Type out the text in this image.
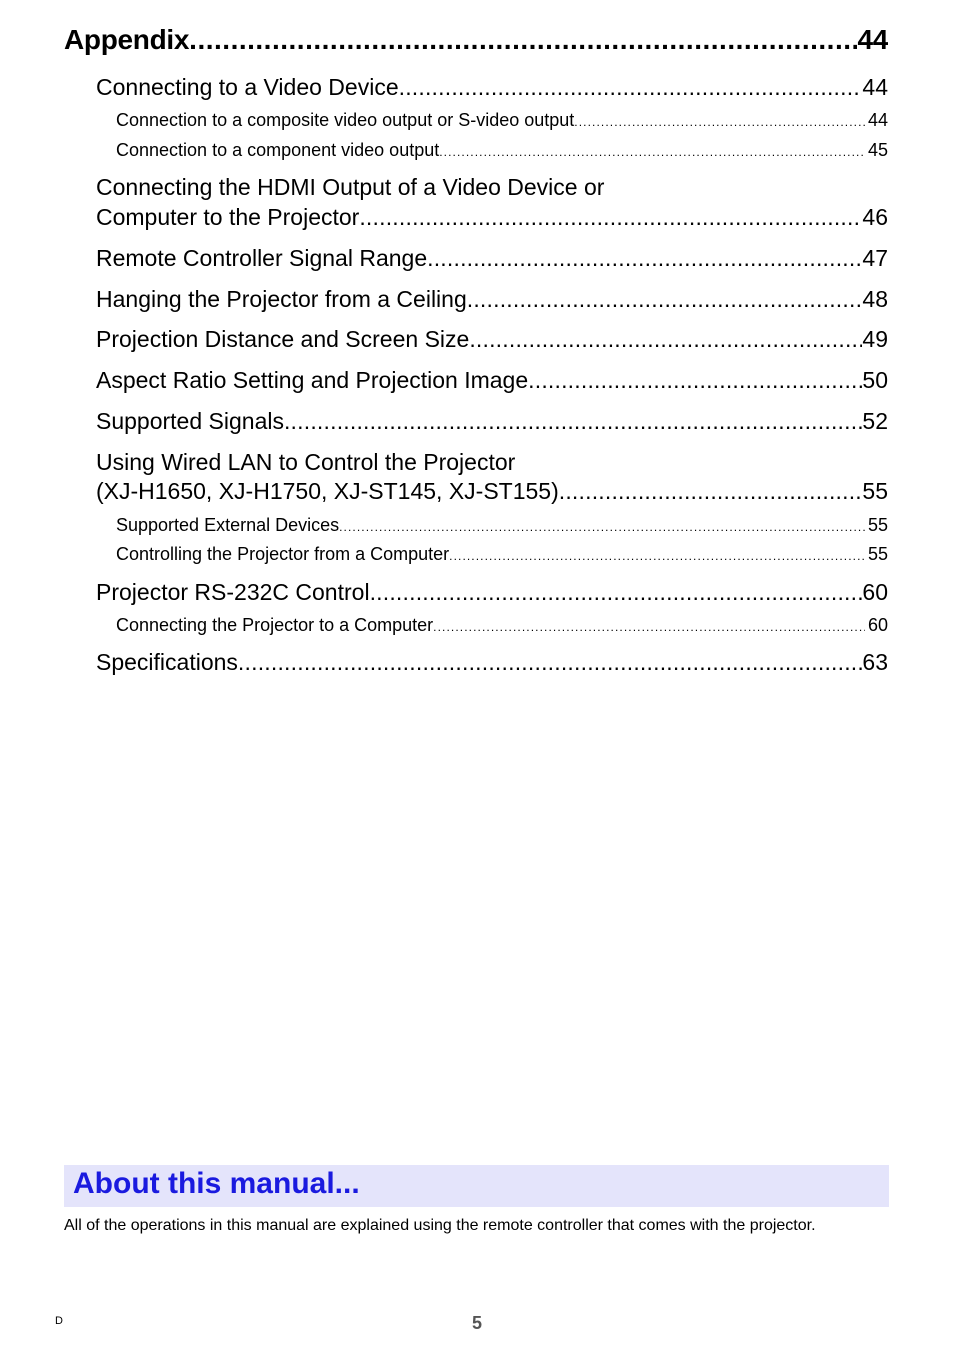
Appendix .....	44
Connecting to a Video Device .....	44
Connection to a composite video output or S-video output .....	44
Connection to a component video output .....	45
Connecting the HDMI Output of a Video Device or
Computer to the Projector .....	46
Remote Controller Signal Range .....	47
Hanging the Projector from a Ceiling .....	48
Projection Distance and Screen Size .....	49
Aspect Ratio Setting and Projection Image .....	50
Supported Signals .....	52
Using Wired LAN to Control the Projector
(XJ-H1650, XJ-H1750, XJ-ST145, XJ-ST155) .....	55
Supported External Devices .....	55
Controlling the Projector from a Computer .....	55
Projector RS-232C Control .....	60
Connecting the Projector to a Computer .....	60
Specifications .....	63
About this manual...
All of the operations in this manual are explained using the remote controller that comes with the projector.
D	5
